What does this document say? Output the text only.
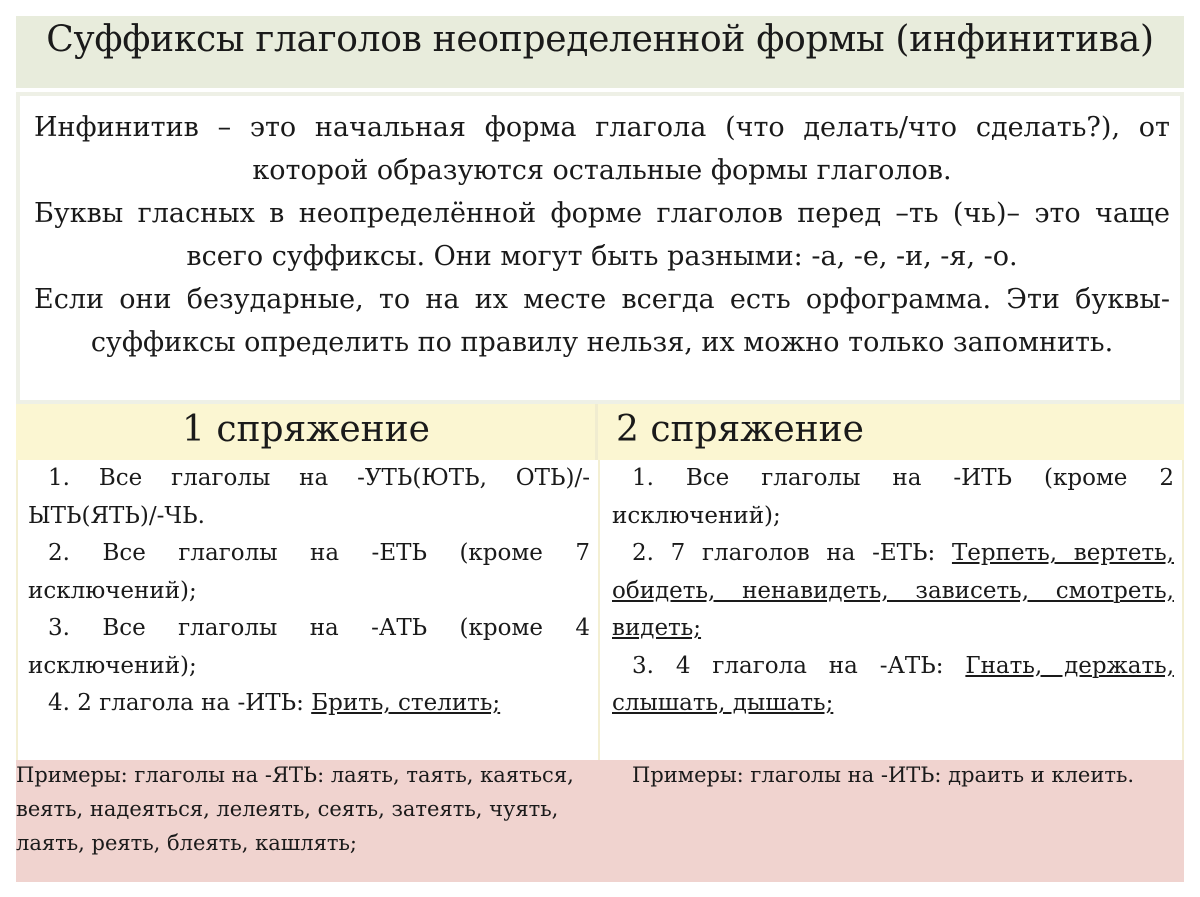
Суффиксы глаголов неопределенной формы (инфинитива)

Инфинитив – это начальная форма глагола (что делать/что сделать?), от которой образуются остальные формы глаголов.

Буквы гласных в неопределённой форме глаголов перед –ть (чь)– это чаще всего суффиксы. Они могут быть разными: -а, -е, -и, -я, -о.

Если они безударные, то на их месте всегда есть орфограмма. Эти буквы-суффиксы определить по правилу нельзя, их можно только запомнить.

1 спряжение	2 спряжение

1. Все глаголы на -УТЬ(ЮТЬ, ОТЬ)/-ЫТЬ(ЯТЬ)/-ЧЬ.

2. Все глаголы на -ЕТЬ (кроме 7 исключений);

3. Все глаголы на -АТЬ (кроме 4 исключений);

4. 2 глагола на -ИТЬ: Брить, стелить;

1. Все глаголы на -ИТЬ (кроме 2 исключений);

2. 7 глаголов на -ЕТЬ: Терпеть, вертеть, обидеть, ненавидеть, зависеть, смотреть, видеть;

3. 4 глагола на -АТЬ: Гнать, держать, слышать, дышать;

Примеры: глаголы на -ЯТЬ: лаять, таять, каяться, веять, надеяться, лелеять, сеять, затеять, чуять, лаять, реять, блеять, кашлять;
Примеры: глаголы на -ИТЬ: драить и клеить.
